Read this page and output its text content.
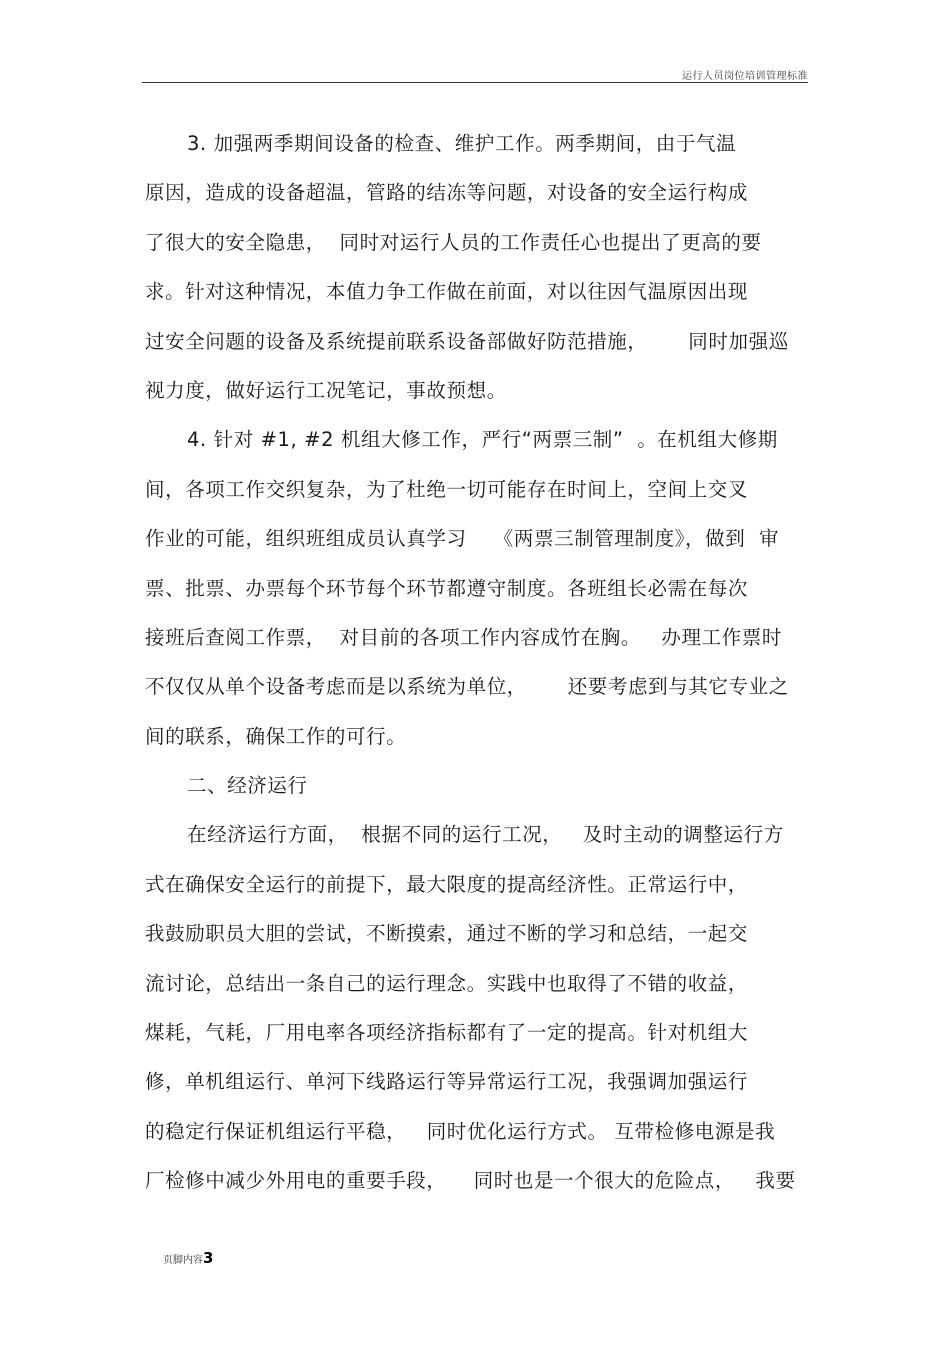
运行人员岗位培训管理标准
3. 加强两季期间设备的检查、维护工作。两季期间，由于气温
原因，造成的设备超温，管路的结冻等问题，对设备的安全运行构成
了很大的安全隐患，  同时对运行人员的工作责任心也提出了更高的要
求。针对这种情况，本值力争工作做在前面，对以往因气温原因出现
过安全问题的设备及系统提前联系设备部做好防范措施，      同时加强巡
视力度，做好运行工况笔记，事故预想。
4. 针对 #1, #2 机组大修工作，严行“两票三制”  。在机组大修期
间，各项工作交织复杂，为了杜绝一切可能存在时间上，空间上交叉
作业的可能，组织班组成员认真学习    《两票三制管理制度》，做到  审
票、批票、办票每个环节每个环节都遵守制度。各班组长必需在每次
接班后查阅工作票，  对目前的各项工作内容成竹在胸。   办理工作票时
不仅仅从单个设备考虑而是以系统为单位，      还要考虑到与其它专业之
间的联系，确保工作的可行。
二、经济运行
在经济运行方面，  根据不同的运行工况，   及时主动的调整运行方
式在确保安全运行的前提下，最大限度的提高经济性。正常运行中，
我鼓励职员大胆的尝试，不断摸索，通过不断的学习和总结，一起交
流讨论，总结出一条自己的运行理念。实践中也取得了不错的收益，
煤耗，气耗，厂用电率各项经济指标都有了一定的提高。针对机组大
修，单机组运行、单河下线路运行等异常运行工况，我强调加强运行
的稳定行保证机组运行平稳，   同时优化运行方式。 互带检修电源是我
厂检修中减少外用电的重要手段，    同时也是一个很大的危险点，   我要
页脚内容3
